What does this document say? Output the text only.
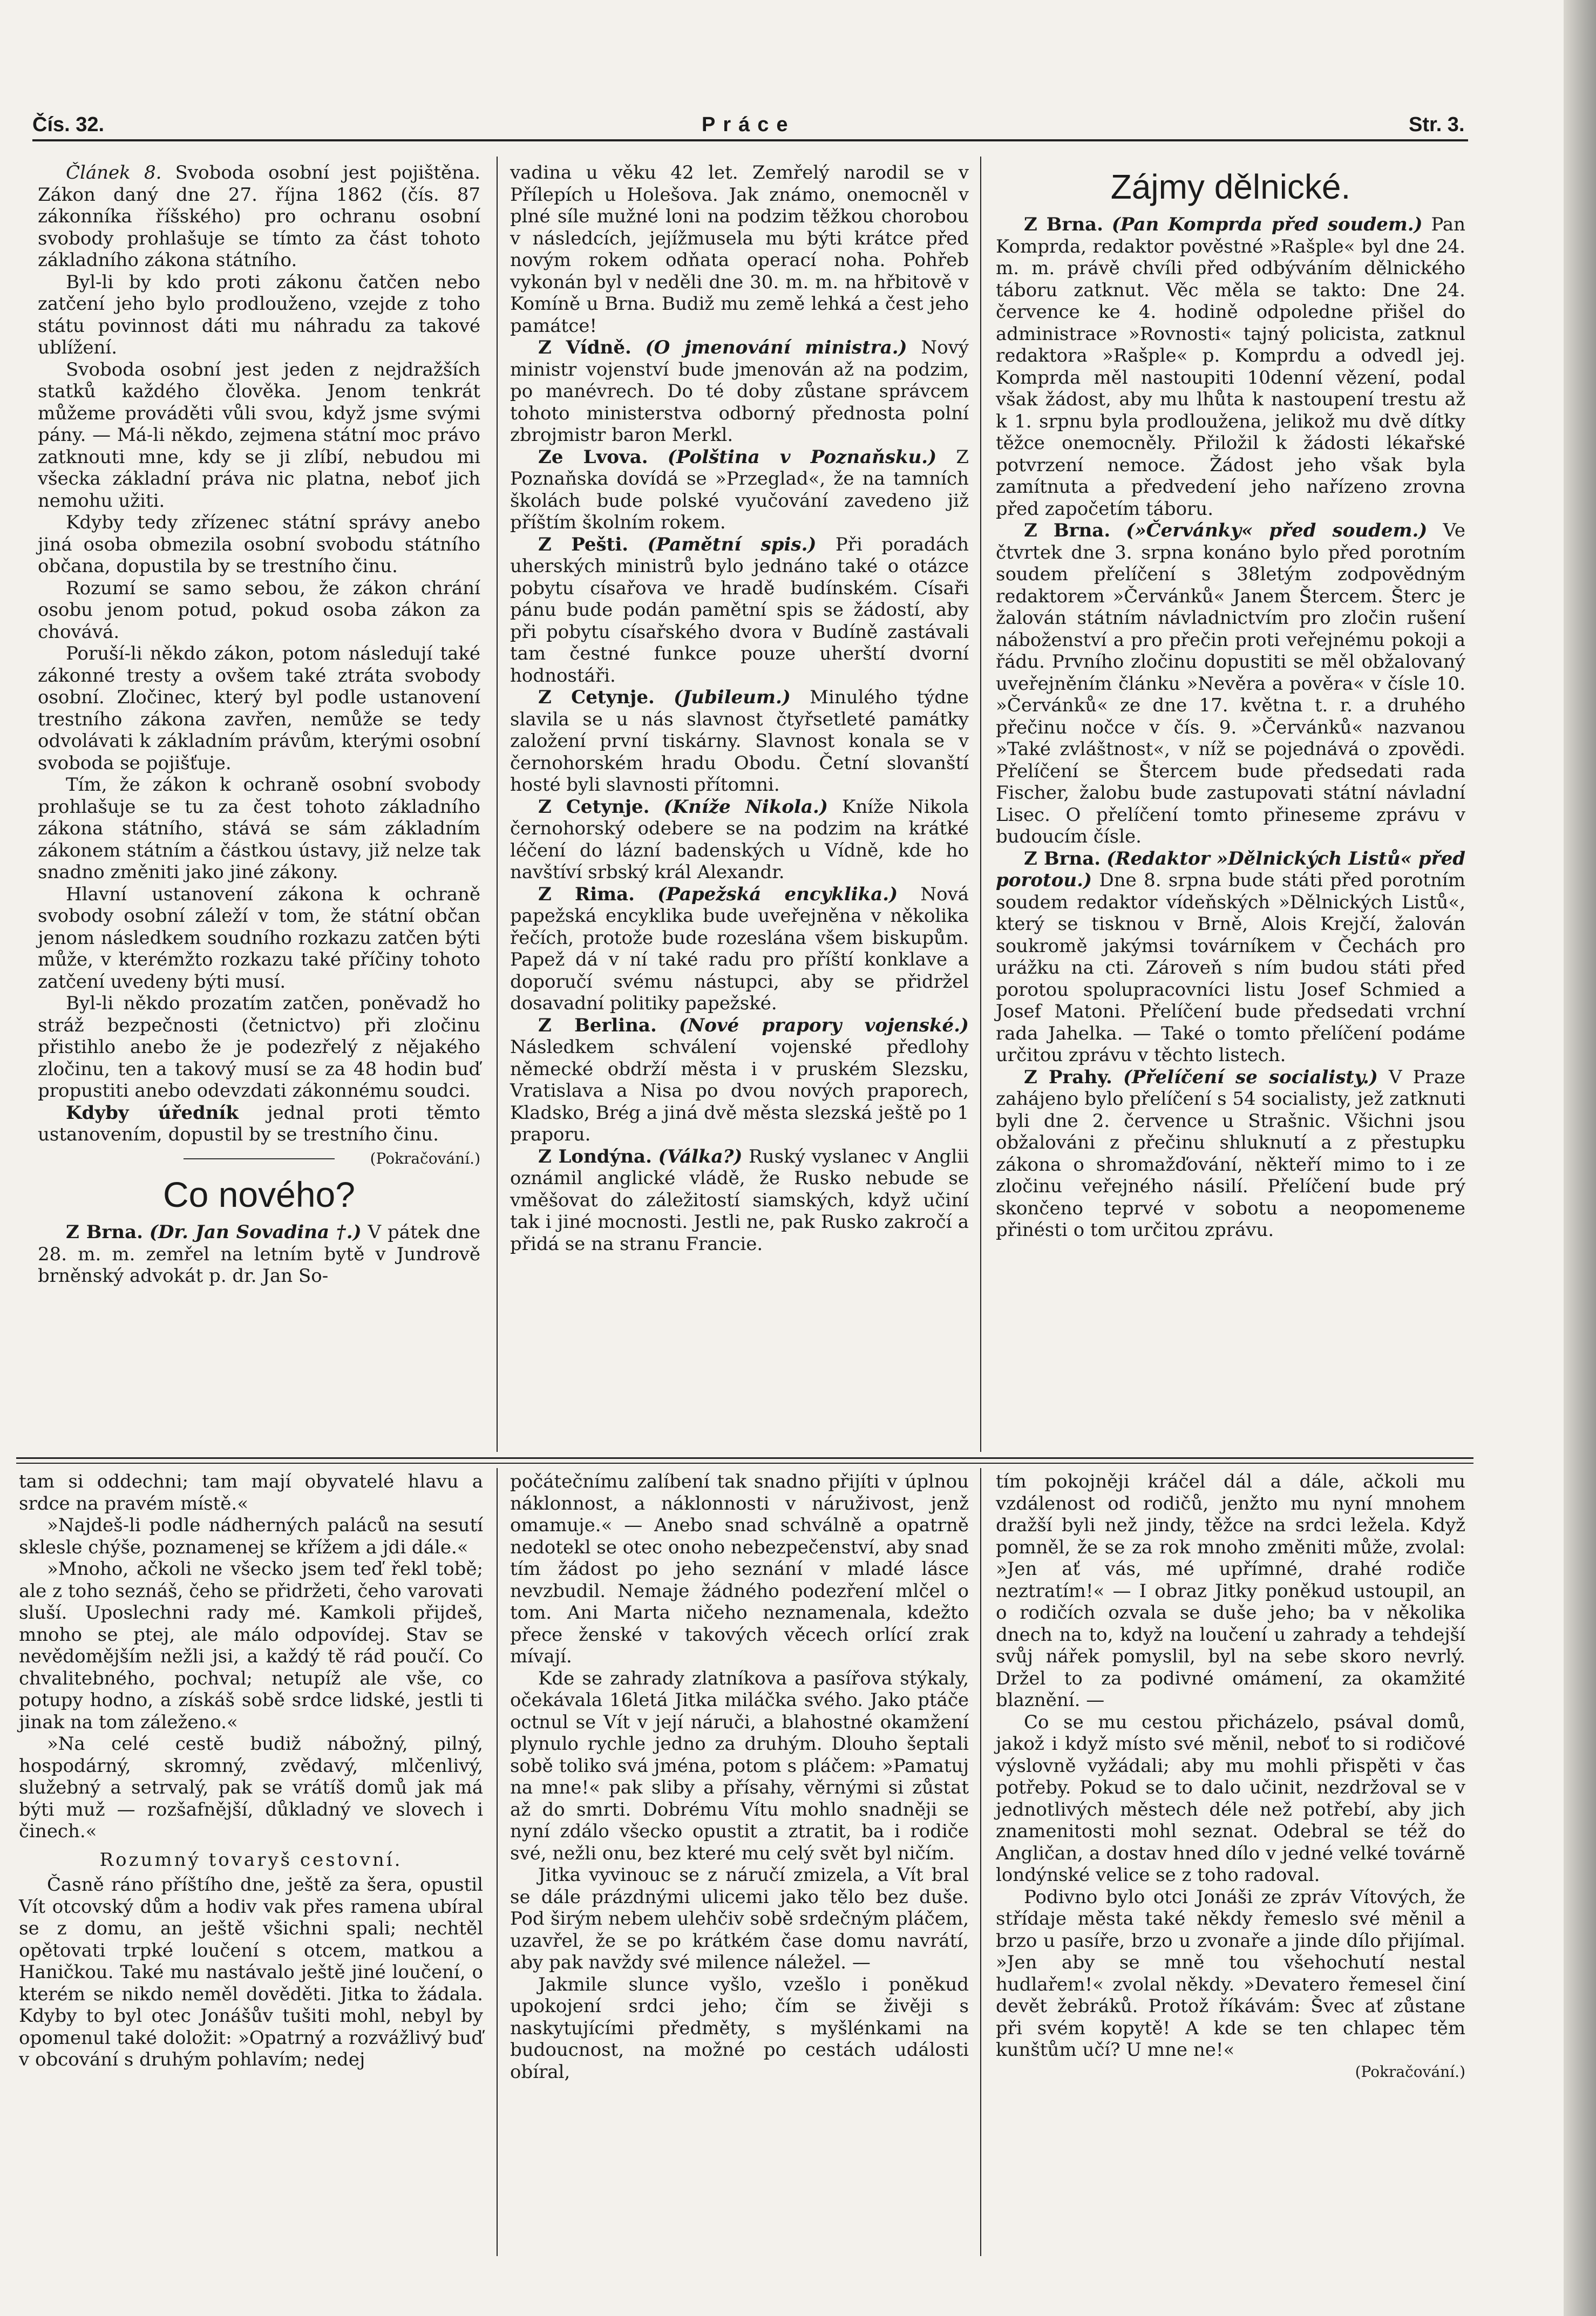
Čís. 32.	Práce	Str. 3.

Článek 8. Svoboda osobní jest pojištěna. Zákon daný dne 27. října 1862 (čís. 87 zákonníka říšského) pro ochranu osobní svobody prohlašuje se tímto za část tohoto základního zákona státního.

Byl-li by kdo proti zákonu čatčen nebo zatčení jeho bylo prodlouženo, vzejde z toho státu povinnost dáti mu náhradu za takové ublížení.

Svoboda osobní jest jeden z nejdražších statků každého člověka. Jenom tenkrát můžeme prováděti vůli svou, když jsme svými pány. — Má-li někdo, zejmena státní moc právo zatknouti mne, kdy se ji zlíbí, nebudou mi všecka základní práva nic platna, neboť jich nemohu užiti.

Kdyby tedy zřízenec státní správy anebo jiná osoba obmezila osobní svobodu státního občana, dopustila by se trestního činu.

Rozumí se samo sebou, že zákon chrání osobu jenom potud, pokud osoba zákon za chovává.

Poruší-li někdo zákon, potom následují také zákonné tresty a ovšem také ztráta svobody osobní. Zločinec, který byl podle ustanovení trestního zákona zavřen, nemůže se tedy odvolávati k základním právům, kterými osobní svoboda se pojišťuje.

Tím, že zákon k ochraně osobní svobody prohlašuje se tu za čest tohoto základního zákona státního, stává se sám základním zákonem státním a částkou ústavy, již nelze tak snadno změniti jako jiné zákony.

Hlavní ustanovení zákona k ochraně svobody osobní záleží v tom, že státní občan jenom následkem soudního rozkazu zatčen býti může, v kterémžto rozkazu také příčiny tohoto zatčení uvedeny býti musí.

Byl-li někdo prozatím zatčen, poněvadž ho stráž bezpečnosti (četnictvo) při zločinu přistihlo anebo že je podezřelý z nějakého zločinu, ten a takový musí se za 48 hodin buď propustiti anebo odevzdati zákonnému soudci.

Kdyby úředník jednal proti těmto ustanovením, dopustil by se trestního činu.

(Pokračování.)
Co nového?

Z Brna. (Dr. Jan Sovadina †.) V pátek dne 28. m. m. zemřel na letním bytě v Jundrově brněnský advokát p. dr. Jan So-

vadina u věku 42 let. Zemřelý narodil se v Přílepích u Holešova. Jak známo, onemocněl v plné síle mužné loni na podzim těžkou chorobou v následcích, jejížmusela mu býti krátce před novým rokem odňata operací noha. Pohřeb vykonán byl v neděli dne 30. m. m. na hřbitově v Komíně u Brna. Budiž mu země lehká a čest jeho památce!

Z Vídně. (O jmenování ministra.) Nový ministr vojenství bude jmenován až na podzim, po manévrech. Do té doby zůstane správcem tohoto ministerstva odborný přednosta polní zbrojmistr baron Merkl.

Ze Lvova. (Polština v Poznaňsku.) Z Poznaňska dovídá se »Przeglad«, že na tamních školách bude polské vyučování zavedeno již příštím školním rokem.

Z Pešti. (Pamětní spis.) Při poradách uherských ministrů bylo jednáno také o otázce pobytu císařova ve hradě budínském. Císaři pánu bude podán pamětní spis se žádostí, aby při pobytu císařského dvora v Budíně zastávali tam čestné funkce pouze uherští dvorní hodnostáři.

Z Cetynje. (Jubileum.) Minulého týdne slavila se u nás slavnost čtyřsetleté památky založení první tiskárny. Slavnost konala se v černohorském hradu Obodu. Četní slovanští hosté byli slavnosti přítomni.

Z Cetynje. (Kníže Nikola.) Kníže Nikola černohorský odebere se na podzim na krátké léčení do lázní badenských u Vídně, kde ho navštíví srbský král Alexandr.

Z Rima. (Papežská encyklika.) Nová papežská encyklika bude uveřejněna v několika řečích, protože bude rozeslána všem biskupům. Papež dá v ní také radu pro příští konklave a doporučí svému nástupci, aby se přidržel dosavadní politiky papežské.

Z Berlina. (Nové prapory vojenské.) Následkem schválení vojenské předlohy německé obdrží města i v pruském Slezsku, Vratislava a Nisa po dvou nových praporech, Kladsko, Brég a jiná dvě města slezská ještě po 1 praporu.

Z Londýna. (Válka?) Ruský vyslanec v Anglii oznámil anglické vládě, že Rusko nebude se vměšovat do záležitostí siamských, když učiní tak i jiné mocnosti. Jestli ne, pak Rusko zakročí a přidá se na stranu Francie.

Zájmy dělnické.

Z Brna. (Pan Komprda před soudem.) Pan Komprda, redaktor pověstné »Rašple« byl dne 24. m. m. právě chvíli před odbýváním dělnického táboru zatknut. Věc měla se takto: Dne 24. července ke 4. hodině odpoledne přišel do administrace »Rovnosti« tajný policista, zatknul redaktora »Rašple« p. Komprdu a odvedl jej. Komprda měl nastoupiti 10denní vězení, podal však žádost, aby mu lhůta k nastoupení trestu až k 1. srpnu byla prodloužena, jelikož mu dvě dítky těžce onemocněly. Přiložil k žádosti lékařské potvrzení nemoce. Žádost jeho však byla zamítnuta a předvedení jeho nařízeno zrovna před započetím táboru.

Z Brna. (»Červánky« před soudem.) Ve čtvrtek dne 3. srpna konáno bylo před porotním soudem přelíčení s 38letým zodpovědným redaktorem »Červánků« Janem Štercem. Šterc je žalován státním návladnictvím pro zločin rušení náboženství a pro přečin proti veřejnému pokoji a řádu. Prvního zločinu dopustiti se měl obžalovaný uveřejněním článku »Nevěra a pověra« v čísle 10. »Červánků« ze dne 17. května t. r. a druhého přečinu nočce v čís. 9. »Červánků« nazvanou »Také zvláštnost«, v níž se pojednává o zpovědi. Přelíčení se Štercem bude předsedati rada Fischer, žalobu bude zastupovati státní návladní Lisec. O přelíčení tomto přineseme zprávu v budoucím čísle.

Z Brna. (Redaktor »Dělnických Listů« před porotou.) Dne 8. srpna bude státi před porotním soudem redaktor vídeňských »Dělnických Listů«, který se tisknou v Brně, Alois Krejčí, žalován soukromě jakýmsi továrníkem v Čechách pro urážku na cti. Zároveň s ním budou státi před porotou spolupracovníci listu Josef Schmied a Josef Matoni. Přelíčení bude předsedati vrchní rada Jahelka. — Také o tomto přelíčení podáme určitou zprávu v těchto listech.

Z Prahy. (Přelíčení se socialisty.) V Praze zahájeno bylo přelíčení s 54 socialisty, jež zatknuti byli dne 2. července u Strašnic. Všichni jsou obžalováni z přečinu shluknutí a z přestupku zákona o shromažďování, někteří mimo to i ze zločinu veřejného násilí. Přelíčení bude prý skončeno teprvé v sobotu a neopomeneme přinésti o tom určitou zprávu.

tam si oddechni; tam mají obyvatelé hlavu a srdce na pravém místě.«

»Najdeš-li podle nádherných paláců na sesutí sklesle chýše, poznamenej se křížem a jdi dále.«

»Mnoho, ačkoli ne všecko jsem teď řekl tobě; ale z toho seznáš, čeho se přidržeti, čeho varovati sluší. Uposlechni rady mé. Kamkoli přijdeš, mnoho se ptej, ale málo odpovídej. Stav se nevědomějším nežli jsi, a každý tě rád poučí. Co chvalitebného, pochval; netupíž ale vše, co potupy hodno, a získáš sobě srdce lidské, jestli ti jinak na tom záleženo.«

»Na celé cestě budiž nábožný, pilný, hospodárný, skromný, zvědavý, mlčenlivý, služebný a setrvalý, pak se vrátíš domů jak má býti muž — rozšafnější, důkladný ve slovech i činech.«

Rozumný tovaryš cestovní.

Časně ráno příštího dne, ještě za šera, opustil Vít otcovský dům a hodiv vak přes ramena ubíral se z domu, an ještě všichni spali; nechtěl opětovati trpké loučení s otcem, matkou a Haničkou. Také mu nastávalo ještě jiné loučení, o kterém se nikdo neměl dověděti. Jitka to žádala. Kdyby to byl otec Jonášův tušiti mohl, nebyl by opomenul také doložit: »Opatrný a rozvážlivý buď v obcování s druhým pohlavím; nedej

počátečnímu zalíbení tak snadno přijíti v úplnou náklonnost, a náklonnosti v náruživost, jenž omamuje.« — Anebo snad schválně a opatrně nedotekl se otec onoho nebezpečenství, aby snad tím žádost po jeho seznání v mladé lásce nevzbudil. Nemaje žádného podezření mlčel o tom. Ani Marta ničeho neznamenala, kdežto přece ženské v takových věcech orlící zrak mívají.

Kde se zahrady zlatníkova a pasířova stýkaly, očekávala 16letá Jitka miláčka svého. Jako ptáče octnul se Vít v její náruči, a blahostné okamžení plynulo rychle jedno za druhým. Dlouho šeptali sobě toliko svá jména, potom s pláčem: »Pamatuj na mne!« pak sliby a přísahy, věrnými si zůstat až do smrti. Dobrému Vítu mohlo snadněji se nyní zdálo všecko opustit a ztratit, ba i rodiče své, nežli onu, bez které mu celý svět byl ničím.

Jitka vyvinouc se z náručí zmizela, a Vít bral se dále prázdnými ulicemi jako tělo bez duše. Pod širým nebem ulehčiv sobě srdečným pláčem, uzavřel, že se po krátkém čase domu navrátí, aby pak navždy své milence náležel. —

Jakmile slunce vyšlo, vzešlo i poněkud upokojení srdci jeho; čím se živěji s naskytujícími předměty, s myšlénkami na budoucnost, na možné po cestách události obíral,

tím pokojněji kráčel dál a dále, ačkoli mu vzdálenost od rodičů, jenžto mu nyní mnohem dražší byli než jindy, těžce na srdci ležela. Když pomněl, že se za rok mnoho změniti může, zvolal: »Jen ať vás, mé upřímné, drahé rodiče neztratím!« — I obraz Jitky poněkud ustoupil, an o rodičích ozvala se duše jeho; ba v několika dnech na to, když na loučení u zahrady a tehdejší svůj nářek pomyslil, byl na sebe skoro nevrlý. Držel to za podivné omámení, za okamžité blaznění. —

Co se mu cestou přicházelo, psával domů, jakož i když místo své měnil, neboť to si rodičové výslovně vyžádali; aby mu mohli přispěti v čas potřeby. Pokud se to dalo učinit, nezdržoval se v jednotlivých městech déle než potřebí, aby jich znamenitosti mohl seznat. Odebral se též do Angličan, a dostav hned dílo v jedné velké továrně londýnské velice se z toho radoval.

Podivno bylo otci Jonáši ze zpráv Vítových, že střídaje města také někdy řemeslo své měnil a brzo u pasíře, brzo u zvonaře a jinde dílo přijímal. »Jen aby se mně tou všehochutí nestal hudlařem!« zvolal někdy. »Devatero řemesel činí devět žebráků. Protož říkávám: Švec ať zůstane při svém kopytě! A kde se ten chlapec těm kunštům učí? U mne ne!«

(Pokračování.)
